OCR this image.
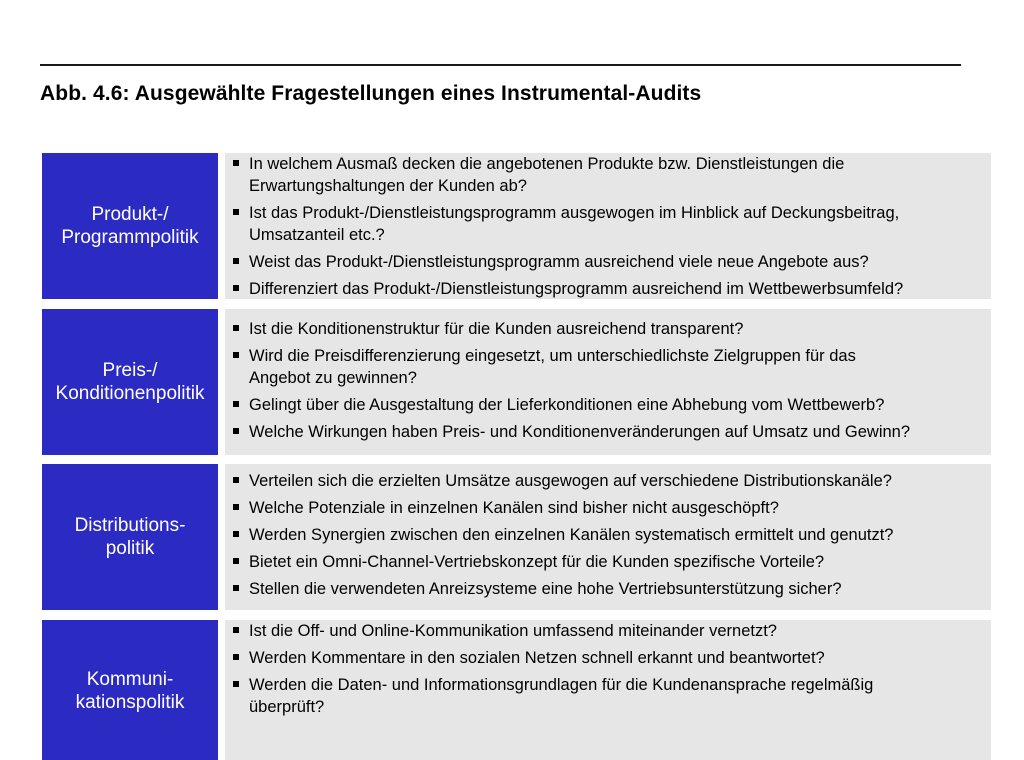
Abb. 4.6: Ausgewählte Fragestellungen eines Instrumental-Audits
Produkt-/
Programmpolitik
In welchem Ausmaß decken die angebotenen Produkte bzw. Dienstleistungen die
Erwartungshaltungen der Kunden ab?
Ist das Produkt-/Dienstleistungsprogramm ausgewogen im Hinblick auf Deckungsbeitrag,
Umsatzanteil etc.?
Weist das Produkt-/Dienstleistungsprogramm ausreichend viele neue Angebote aus?
Differenziert das Produkt-/Dienstleistungsprogramm ausreichend im Wettbewerbsumfeld?
Preis-/
Konditionenpolitik
Ist die Konditionenstruktur für die Kunden ausreichend transparent?
Wird die Preisdifferenzierung eingesetzt, um unterschiedlichste Zielgruppen für das
Angebot zu gewinnen?
Gelingt über die Ausgestaltung der Lieferkonditionen eine Abhebung vom Wettbewerb?
Welche Wirkungen haben Preis- und Konditionenveränderungen auf Umsatz und Gewinn?
Distributions-
politik
Verteilen sich die erzielten Umsätze ausgewogen auf verschiedene Distributionskanäle?
Welche Potenziale in einzelnen Kanälen sind bisher nicht ausgeschöpft?
Werden Synergien zwischen den einzelnen Kanälen systematisch ermittelt und genutzt?
Bietet ein Omni-Channel-Vertriebskonzept für die Kunden spezifische Vorteile?
Stellen die verwendeten Anreizsysteme eine hohe Vertriebsunterstützung sicher?
Kommuni-
kationspolitik
Ist die Off- und Online-Kommunikation umfassend miteinander vernetzt?
Werden Kommentare in den sozialen Netzen schnell erkannt und beantwortet?
Werden die Daten- und Informationsgrundlagen für die Kundenansprache regelmäßig
überprüft?
